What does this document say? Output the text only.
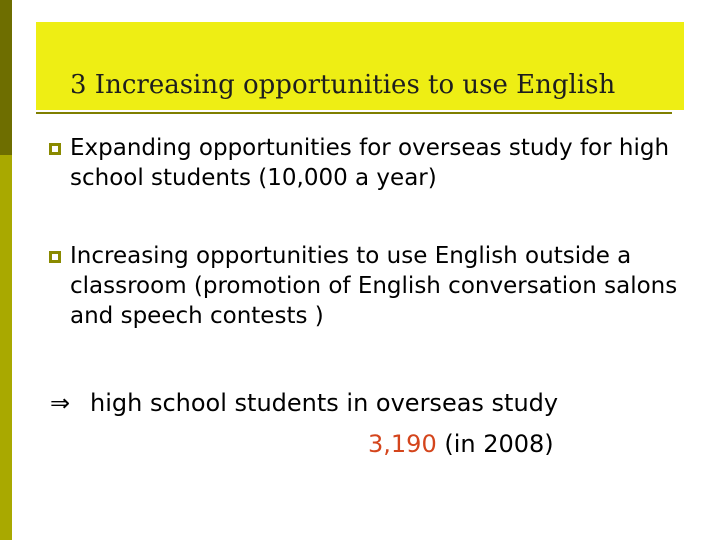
3 Increasing opportunities to use English
Expanding opportunities for overseas study for high school students (10,000 a year)
Increasing opportunities to use English outside a classroom (promotion of English conversation salons and speech contests )
⇒ high school students in overseas study
3,190 (in 2008)
